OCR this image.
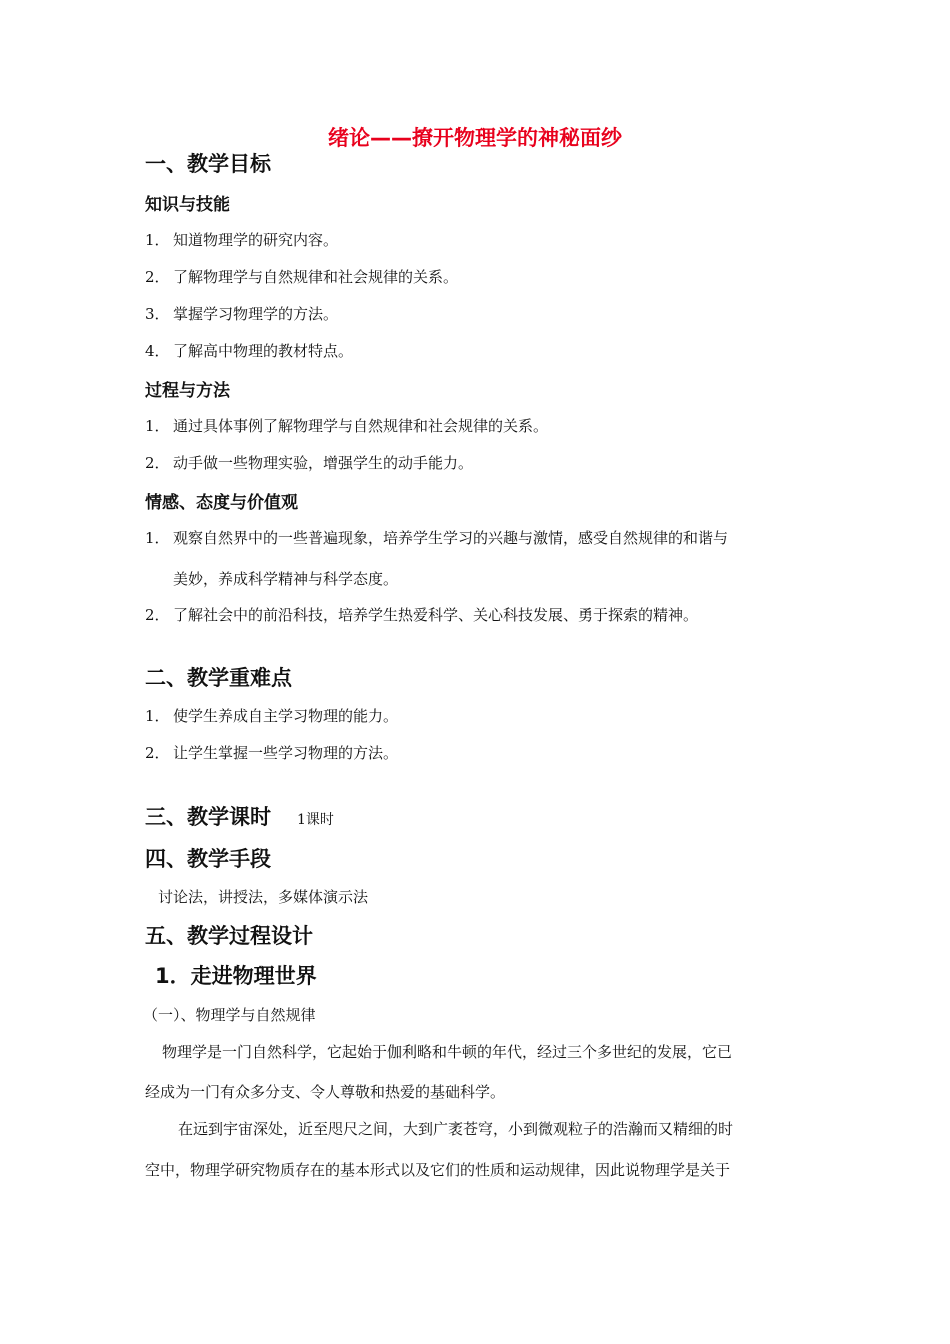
绪论——撩开物理学的神秘面纱
一、教学目标
知识与技能
1． 知道物理学的研究内容。
2． 了解物理学与自然规律和社会规律的关系。
3． 掌握学习物理学的方法。
4． 了解高中物理的教材特点。
过程与方法
1． 通过具体事例了解物理学与自然规律和社会规律的关系。
2． 动手做一些物理实验，增强学生的动手能力。
情感、态度与价值观
1． 观察自然界中的一些普遍现象，培养学生学习的兴趣与激情，感受自然规律的和谐与
美妙，养成科学精神与科学态度。
2． 了解社会中的前沿科技，培养学生热爱科学、关心科技发展、勇于探索的精神。
二、教学重难点
1． 使学生养成自主学习物理的能力。
2． 让学生掌握一些学习物理的方法。
三、教学课时 1课时
四、教学手段
讨论法，讲授法，多媒体演示法
五、教学过程设计
1．走进物理世界
（一）、物理学与自然规律
物理学是一门自然科学，它起始于伽利略和牛顿的年代，经过三个多世纪的发展，它已
经成为一门有众多分支、令人尊敬和热爱的基础科学。
在远到宇宙深处，近至咫尺之间，大到广袤苍穹，小到微观粒子的浩瀚而又精细的时
空中，物理学研究物质存在的基本形式以及它们的性质和运动规律，因此说物理学是关于
